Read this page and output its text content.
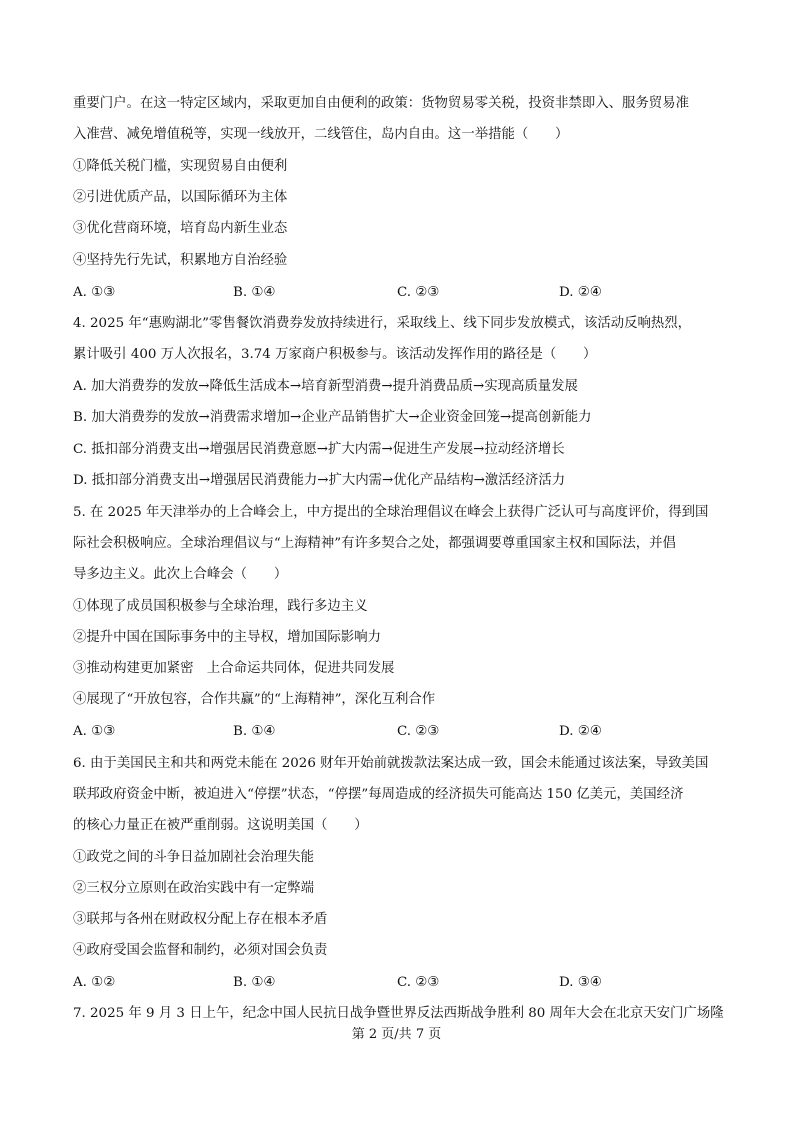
重要门户。在这一特定区域内，采取更加自由便利的政策：货物贸易零关税，投资非禁即入、服务贸易准
入准营、减免增值税等，实现一线放开，二线管住，岛内自由。这一举措能（　　）
①降低关税门槛，实现贸易自由便利
②引进优质产品，以国际循环为主体
③优化营商环境，培育岛内新生业态
④坚持先行先试，积累地方自治经验
A. ①③	B. ①④	C. ②③	D. ②④
4. 2025 年“惠购湖北”零售餐饮消费券发放持续进行，采取线上、线下同步发放模式，该活动反响热烈，
累计吸引 400 万人次报名，3.74 万家商户积极参与。该活动发挥作用的路径是（　　）
A. 加大消费券的发放→降低生活成本→培育新型消费→提升消费品质→实现高质量发展
B. 加大消费券的发放→消费需求增加→企业产品销售扩大→企业资金回笼→提高创新能力
C. 抵扣部分消费支出→增强居民消费意愿→扩大内需→促进生产发展→拉动经济增长
D. 抵扣部分消费支出→增强居民消费能力→扩大内需→优化产品结构→激活经济活力
5. 在 2025 年天津举办的上合峰会上，中方提出的全球治理倡议在峰会上获得广泛认可与高度评价，得到国
际社会积极响应。全球治理倡议与“上海精神”有许多契合之处，都强调要尊重国家主权和国际法，并倡
导多边主义。此次上合峰会（　　）
①体现了成员国积极参与全球治理，践行多边主义
②提升中国在国际事务中的主导权，增加国际影响力
③推动构建更加紧密　上合命运共同体，促进共同发展
④展现了“开放包容，合作共赢”的“上海精神”，深化互利合作
A. ①③	B. ①④	C. ②③	D. ②④
6. 由于美国民主和共和两党未能在 2026 财年开始前就拨款法案达成一致，国会未能通过该法案，导致美国
联邦政府资金中断，被迫进入“停摆”状态，“停摆”每周造成的经济损失可能高达 150 亿美元，美国经济
的核心力量正在被严重削弱。这说明美国（　　）
①政党之间的斗争日益加剧社会治理失能
②三权分立原则在政治实践中有一定弊端
③联邦与各州在财政权分配上存在根本矛盾
④政府受国会监督和制约，必须对国会负责
A. ①②	B. ①④	C. ②③	D. ③④
7. 2025 年 9 月 3 日上午，纪念中国人民抗日战争暨世界反法西斯战争胜利 80 周年大会在北京天安门广场隆
第 2 页/共 7 页
